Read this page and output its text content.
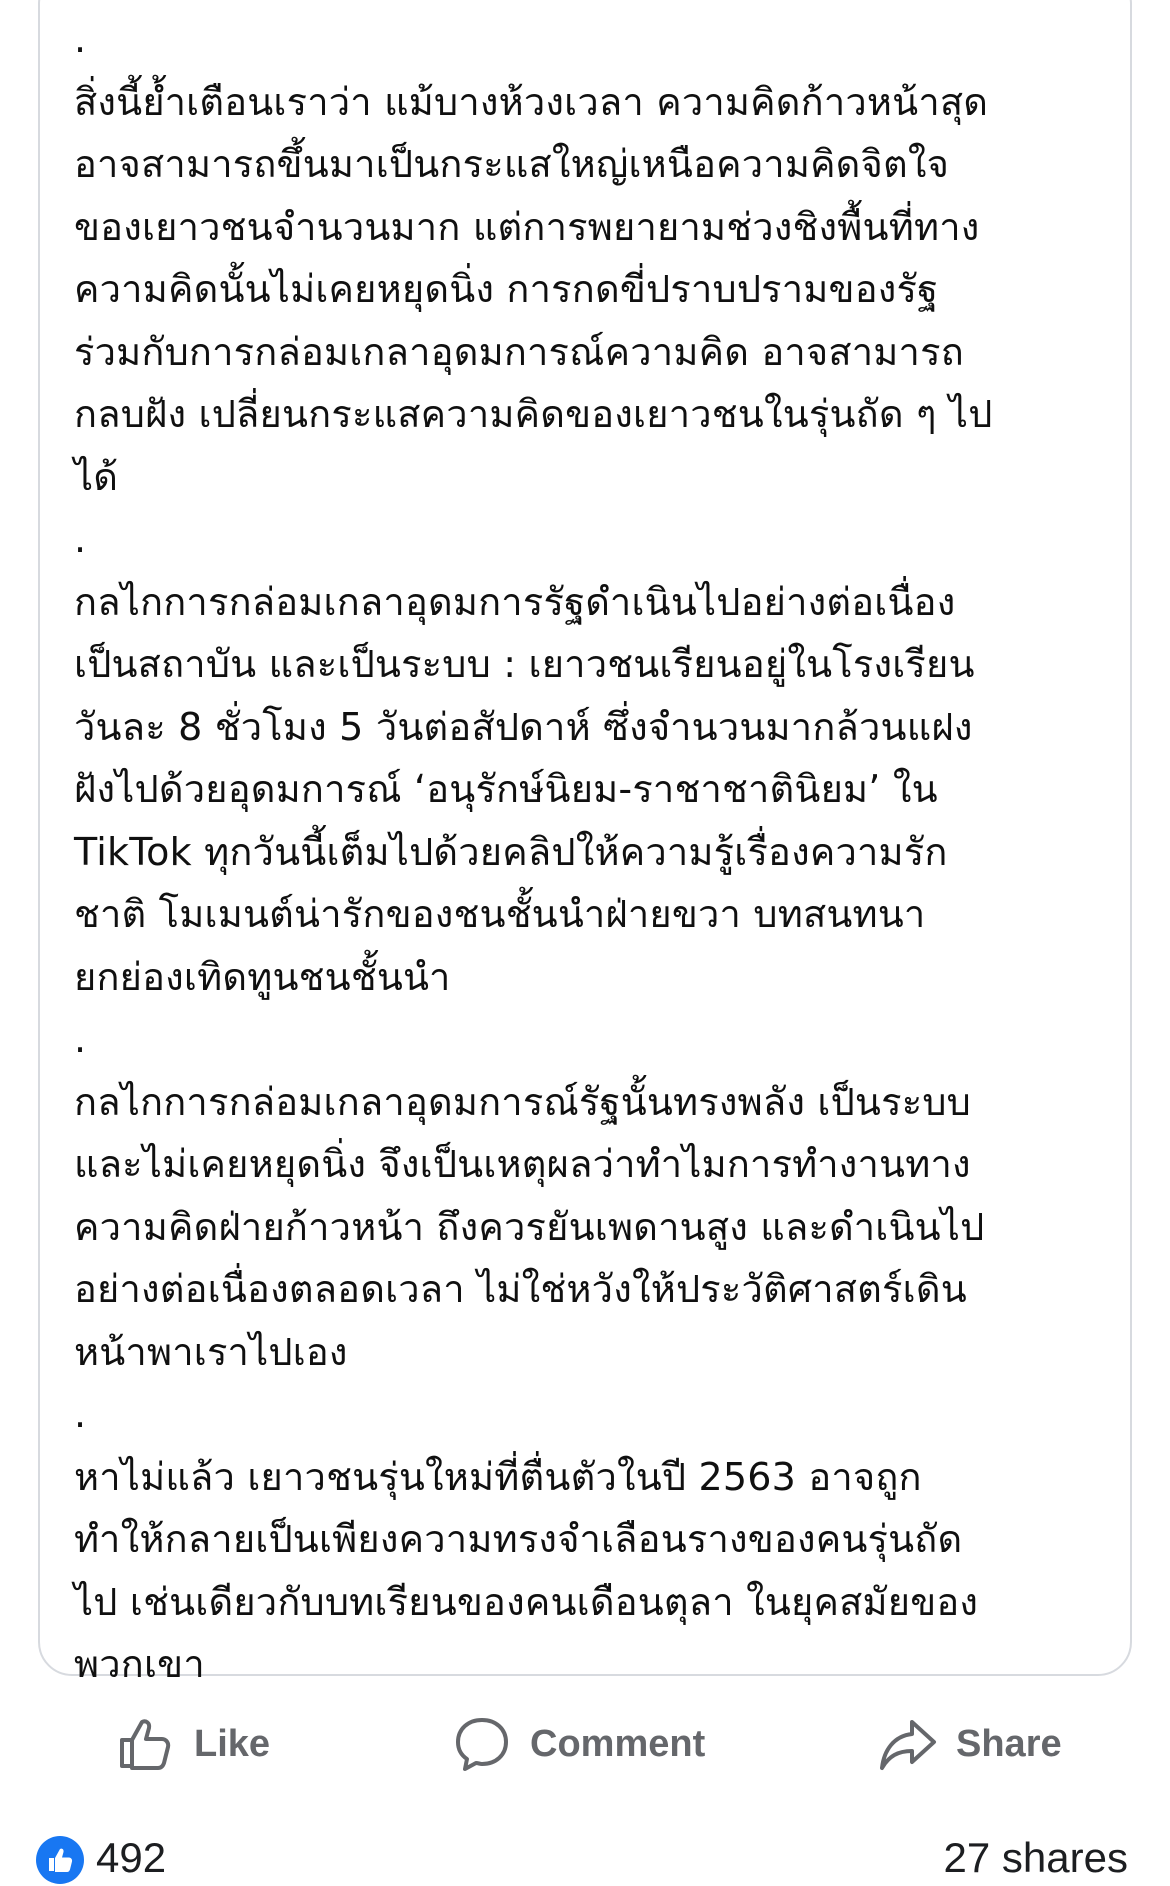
.

สิ่งนี้ย้ำเตือนเราว่า แม้บางห้วงเวลา ความคิดก้าวหน้าสุด
อาจสามารถขึ้นมาเป็นกระแสใหญ่เหนือความคิดจิตใจ
ของเยาวชนจำนวนมาก แต่การพยายามช่วงชิงพื้นที่ทาง
ความคิดนั้นไม่เคยหยุดนิ่ง การกดขี่ปราบปรามของรัฐ
ร่วมกับการกล่อมเกลาอุดมการณ์ความคิด อาจสามารถ
กลบฝัง เปลี่ยนกระแสความคิดของเยาวชนในรุ่นถัด ๆ ไป
ได้

.

กลไกการกล่อมเกลาอุดมการรัฐดำเนินไปอย่างต่อเนื่อง
เป็นสถาบัน และเป็นระบบ : เยาวชนเรียนอยู่ในโรงเรียน
วันละ 8 ชั่วโมง 5 วันต่อสัปดาห์ ซึ่งจำนวนมากล้วนแฝง
ฝังไปด้วยอุดมการณ์ ‘อนุรักษ์นิยม-ราชาชาตินิยม’ ใน
TikTok ทุกวันนี้เต็มไปด้วยคลิปให้ความรู้เรื่องความรัก
ชาติ โมเมนต์น่ารักของชนชั้นนำฝ่ายขวา บทสนทนา
ยกย่องเทิดทูนชนชั้นนำ

.

กลไกการกล่อมเกลาอุดมการณ์รัฐนั้นทรงพลัง เป็นระบบ
และไม่เคยหยุดนิ่ง จึงเป็นเหตุผลว่าทำไมการทำงานทาง
ความคิดฝ่ายก้าวหน้า ถึงควรยันเพดานสูง และดำเนินไป
อย่างต่อเนื่องตลอดเวลา ไม่ใช่หวังให้ประวัติศาสตร์เดิน
หน้าพาเราไปเอง

.

หาไม่แล้ว เยาวชนรุ่นใหม่ที่ตื่นตัวในปี 2563 อาจถูก
ทำให้กลายเป็นเพียงความทรงจำเลือนรางของคนรุ่นถัด
ไป เช่นเดียวกับบทเรียนของคนเดือนตุลา ในยุคสมัยของ
พวกเขา

Like	Comment	Share
492	27 shares
